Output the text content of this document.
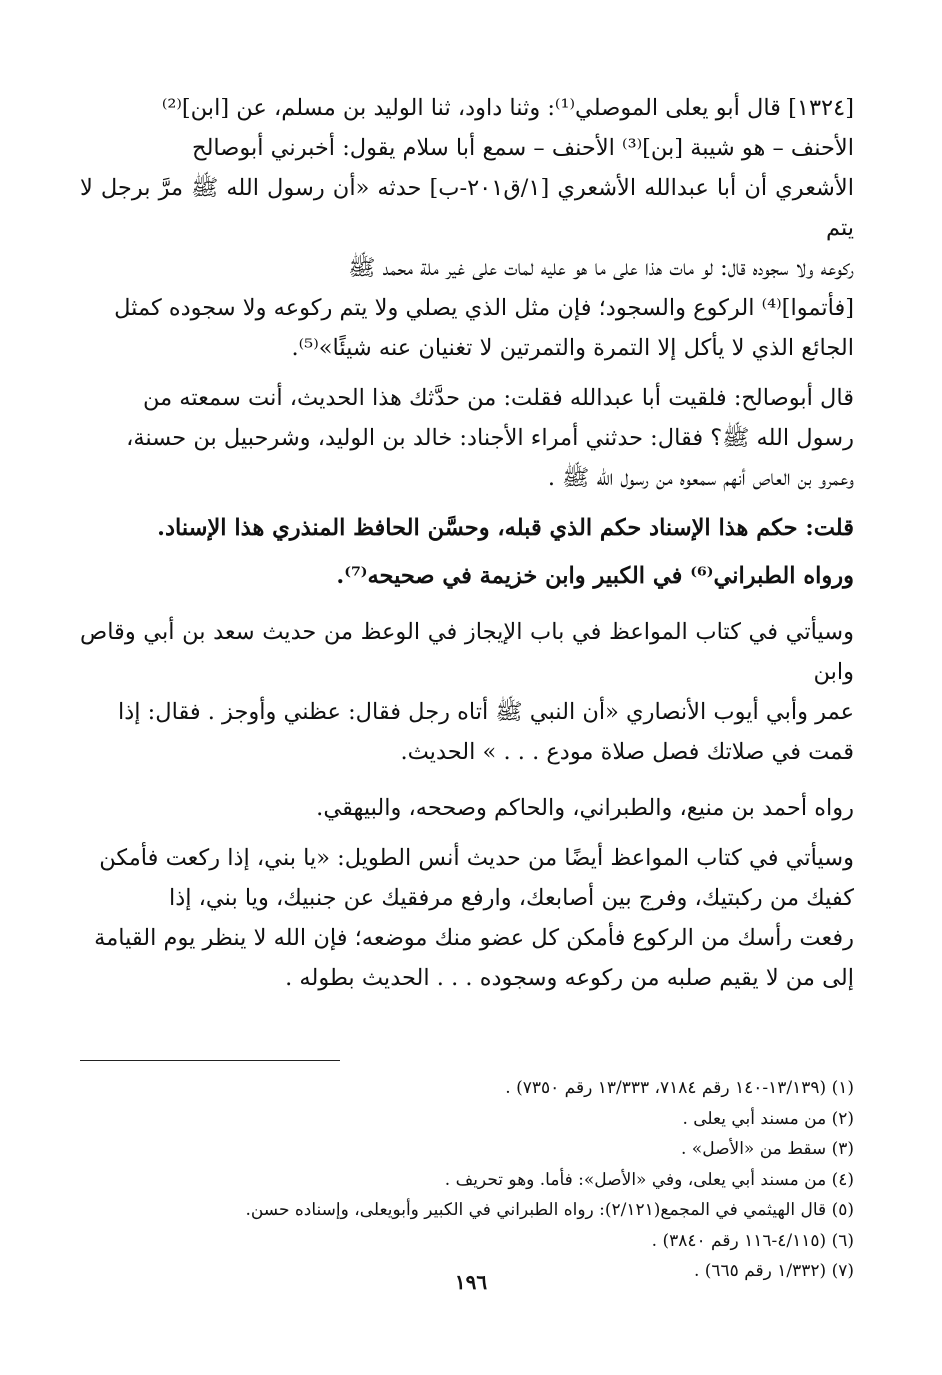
[١٣٢٤] قال أبو يعلى الموصلي⁽¹⁾: وثنا داود، ثنا الوليد بن مسلم، عن [ابن]⁽²⁾

الأحنف – هو شيبة [بن]⁽³⁾ الأحنف – سمع أبا سلام يقول: أخبرني أبوصالح

الأشعري أن أبا عبدالله الأشعري [١/ق٢٠١-ب] حدثه «أن رسول الله ﷺ مرَّ برجل لا يتم

ركوعه ولا سجوده قال: لو مات هذا على ما هو عليه لمات على غير ملة محمد ﷺ

[فأتموا]⁽⁴⁾ الركوع والسجود؛ فإن مثل الذي يصلي ولا يتم ركوعه ولا سجوده كمثل

الجائع الذي لا يأكل إلا التمرة والتمرتين لا تغنيان عنه شيئًا»⁽⁵⁾.

قال أبوصالح: فلقيت أبا عبدالله فقلت: من حدَّثك هذا الحديث، أنت سمعته من

رسول الله ﷺ؟ فقال: حدثني أمراء الأجناد: خالد بن الوليد، وشرحبيل بن حسنة،

وعمرو بن العاص أنهم سمعوه من رسول الله ﷺ .

قلت: حكم هذا الإسناد حكم الذي قبله، وحسَّن الحافظ المنذري هذا الإسناد.

ورواه الطبراني⁽⁶⁾ في الكبير وابن خزيمة في صحيحه⁽⁷⁾.

وسيأتي في كتاب المواعظ في باب الإيجاز في الوعظ من حديث سعد بن أبي وقاص وابن

عمر وأبي أيوب الأنصاري «أن النبي ﷺ أتاه رجل فقال: عظني وأوجز . فقال: إذا

قمت في صلاتك فصل صلاة مودع . . . » الحديث.

رواه أحمد بن منيع، والطبراني، والحاكم وصححه، والبيهقي.

وسيأتي في كتاب المواعظ أيضًا من حديث أنس الطويل: «يا بني، إذا ركعت فأمكن

كفيك من ركبتيك، وفرج بين أصابعك، وارفع مرفقيك عن جنبيك، ويا بني، إذا

رفعت رأسك من الركوع فأمكن كل عضو منك موضعه؛ فإن الله لا ينظر يوم القيامة

إلى من لا يقيم صلبه من ركوعه وسجوده . . . الحديث بطوله .

(١) (١٣/١٣٩-١٤٠ رقم ٧١٨٤، ١٣/٣٣٣ رقم ٧٣٥٠) .
(٢) من مسند أبي يعلى .
(٣) سقط من «الأصل» .
(٤) من مسند أبي يعلى، وفي «الأصل»: فأما. وهو تحريف .
(٥) قال الهيثمي في المجمع(٢/١٢١): رواه الطبراني في الكبير وأبويعلى، وإسناده حسن.
(٦) (٤/١١٥-١١٦ رقم ٣٨٤٠) .
(٧) (١/٣٣٢ رقم ٦٦٥) .
١٩٦
